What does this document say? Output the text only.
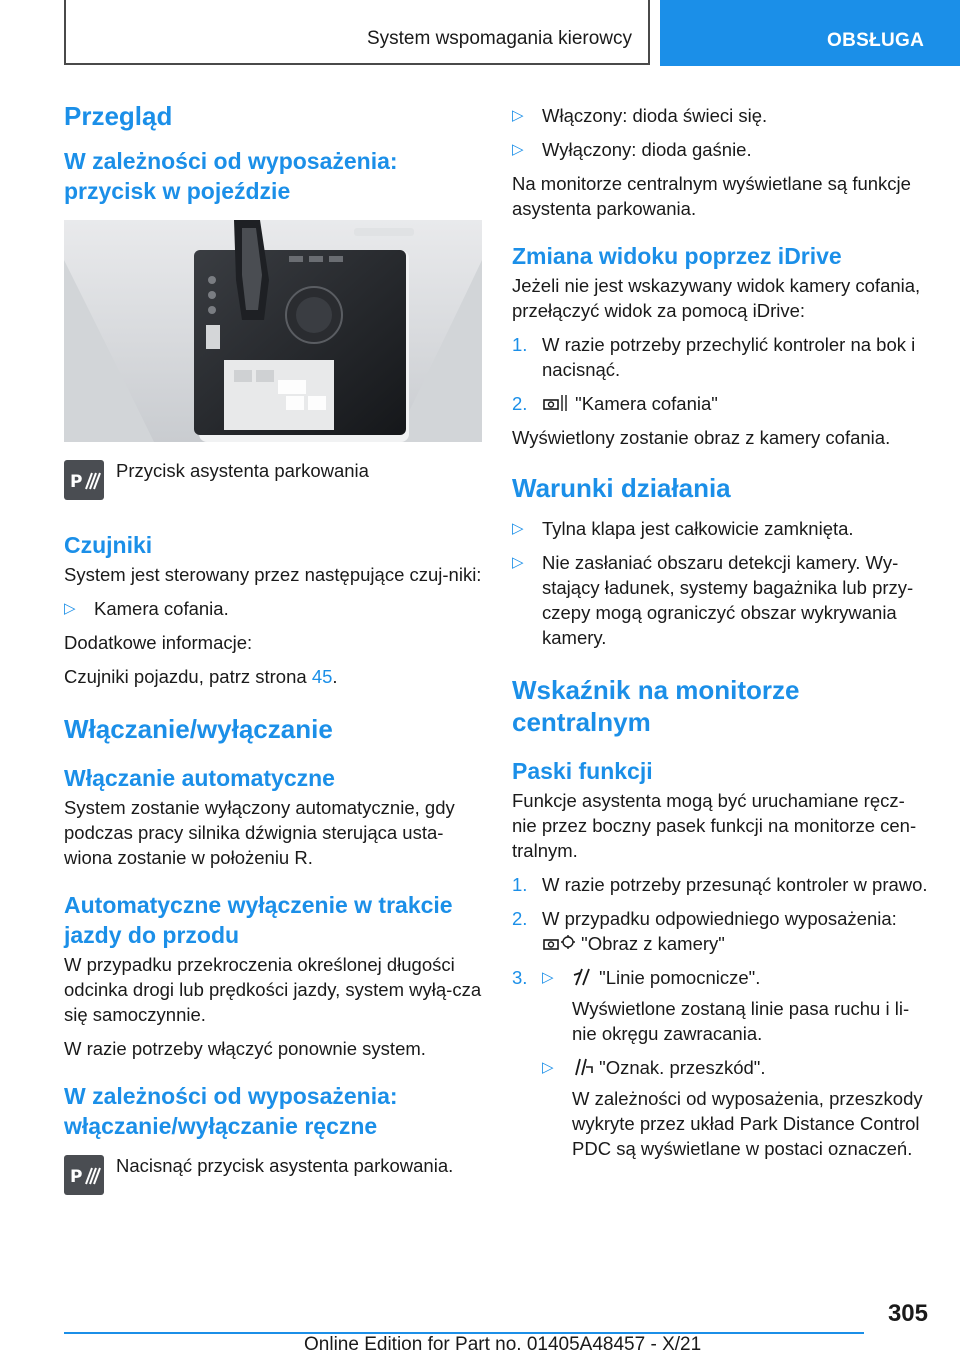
System wspomagania kierowcy	OBSŁUGA
Przegląd
W zależności od wyposażenia: przycisk w pojeździe
P

Przycisk asystenta parkowania

Czujniki

System jest sterowany przez następujące czuj-niki:

▷ Kamera cofania.

Dodatkowe informacje:

Czujniki pojazdu, patrz strona 45.

Włączanie/wyłączanie
Włączanie automatyczne

System zostanie wyłączony automatycznie, gdy podczas pracy silnika dźwignia sterująca usta-wiona zostanie w położeniu R.

Automatyczne wyłączenie w trakcie jazdy do przodu

W przypadku przekroczenia określonej długości odcinka drogi lub prędkości jazdy, system wyłą-cza się samoczynnie.

W razie potrzeby włączyć ponownie system.

W zależności od wyposażenia: włączanie/wyłączanie ręczne
P

Nacisnąć przycisk asystenta parkowania.

▷ Włączony: dioda świeci się.
▷ Wyłączony: dioda gaśnie.

Na monitorze centralnym wyświetlane są funkcje asystenta parkowania.

Zmiana widoku poprzez iDrive

Jeżeli nie jest wskazywany widok kamery cofania, przełączyć widok za pomocą iDrive:

1. W razie potrzeby przechylić kontroler na bok i nacisnąć.
2.	"Kamera cofania"

Wyświetlony zostanie obraz z kamery cofania.

Warunki działania
▷ Tylna klapa jest całkowicie zamknięta.
▷ Nie zasłaniać obszaru detekcji kamery. Wy-stający ładunek, systemy bagażnika lub przy-czepy mogą ograniczyć obszar wykrywania kamery.
Wskaźnik na monitorze centralnym
Paski funkcji

Funkcje asystenta mogą być uruchamiane ręcz-nie przez boczny pasek funkcji na monitorze cen-tralnym.

1. W razie potrzeby przesunąć kontroler w prawo.
2. W przypadku odpowiedniego wyposażenia:
"Obraz z kamery"
3. ▷ "Linie pomocnicze".

Wyświetlone zostaną linie pasa ruchu i li-nie okręgu zawracania.

▷ "Oznak. przeszkód".

W zależności od wyposażenia, przeszkody wykryte przez układ Park Distance Control PDC są wyświetlane w postaci oznaczeń.

305
Online Edition for Part no. 01405A48457 - X/21
